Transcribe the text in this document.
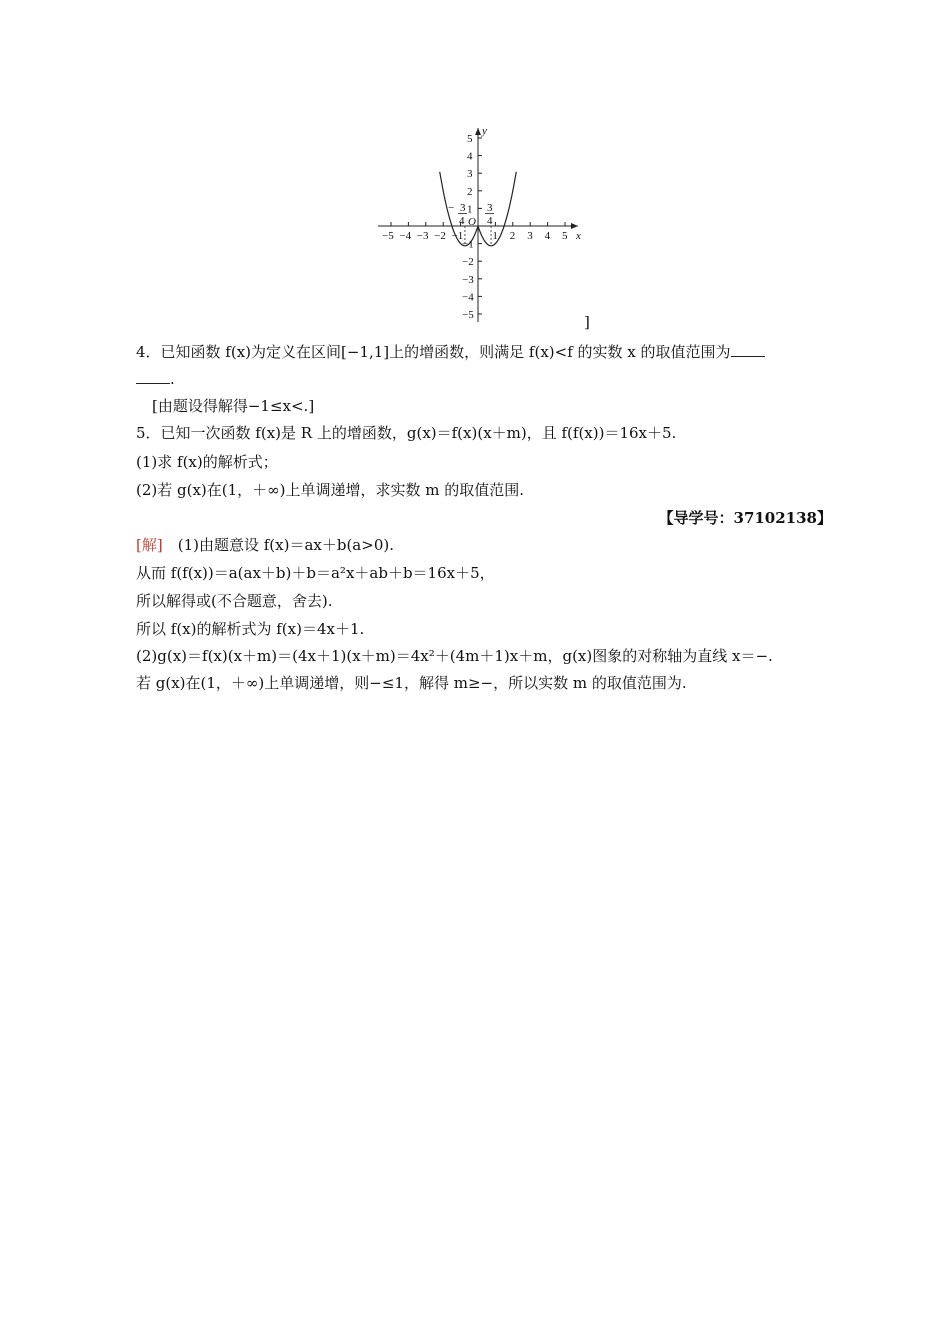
−5 −4 −3 −2 −1	1 2 3 4 5
5
4
3
2
1
−1
−2
−3
−4
−5
y
x
O
− 3
4
3
4
]
4．已知函数 f(x)为定义在区间[−1,1]上的增函数，则满足 f(x)<f 的实数 x 的取值范围为
.
[由题设得解得−1≤x<.]
5．已知一次函数 f(x)是 R 上的增函数，g(x)＝f(x)(x＋m)，且 f(f(x))＝16x＋5.
(1)求 f(x)的解析式；
(2)若 g(x)在(1，＋∞)上单调递增，求实数 m 的取值范围.
【导学号：37102138】
[解]　(1)由题意设 f(x)＝ax＋b(a>0).
从而 f(f(x))＝a(ax＋b)＋b＝a²x＋ab＋b＝16x＋5，
所以解得或(不合题意，舍去).
所以 f(x)的解析式为 f(x)＝4x＋1.
(2)g(x)＝f(x)(x＋m)＝(4x＋1)(x＋m)＝4x²＋(4m＋1)x＋m，g(x)图象的对称轴为直线 x＝−.
若 g(x)在(1，＋∞)上单调递增，则−≤1，解得 m≥−，所以实数 m 的取值范围为.
